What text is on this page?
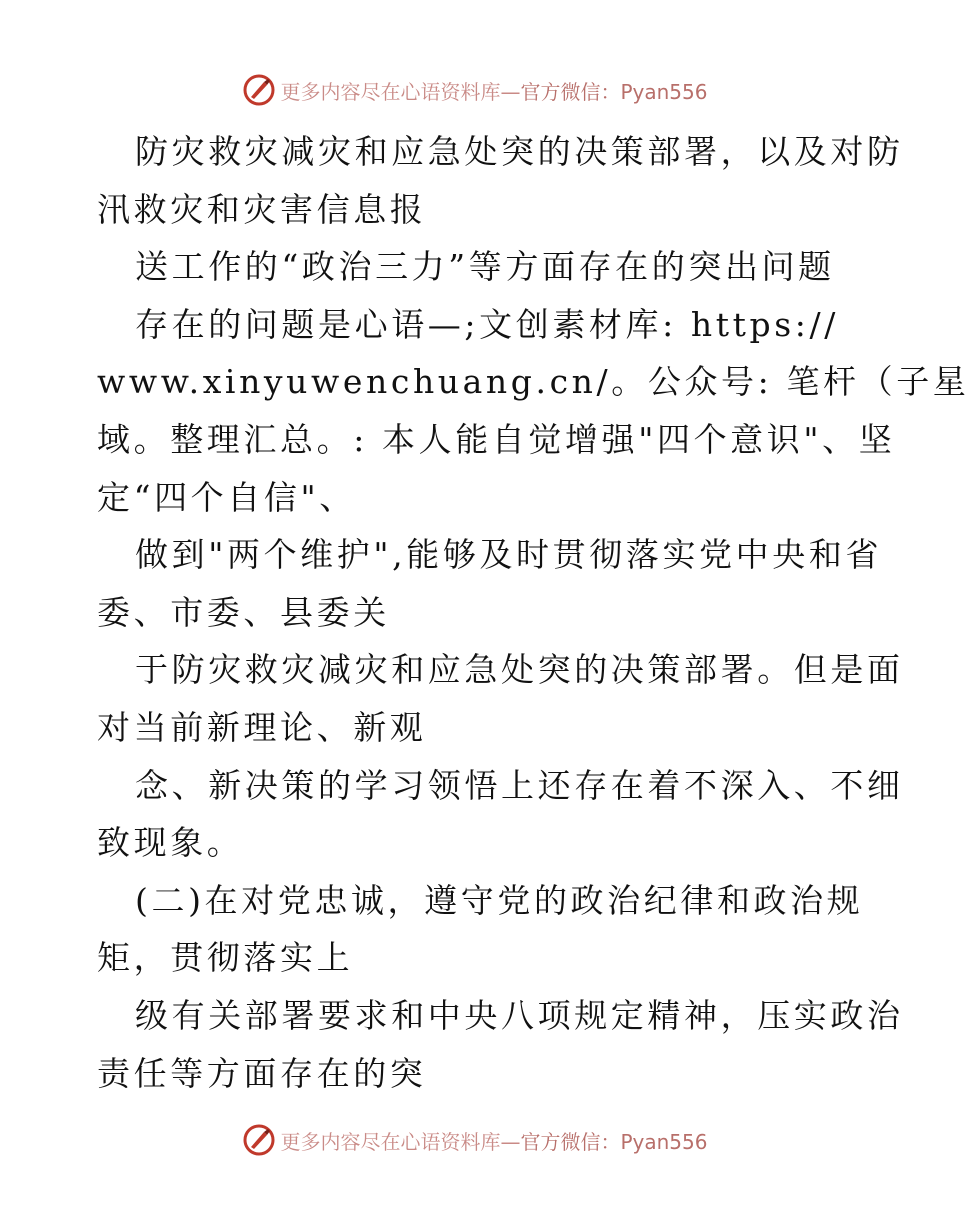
更多内容尽在心语资料库—官方微信：Pyan556
防灾救灾减灾和应急处突的决策部署，以及对防
汛救灾和灾害信息报
送工作的“政治三力”等方面存在的突出问题
存在的问题是心语—;文创素材库: https://
www.xinyuwenchuang.cn/。公众号: 笔杆（子星
域。整理汇总。: 本人能自觉增强"四个意识"、坚
定“四个自信"、
做到"两个维护",能够及时贯彻落实党中央和省
委、市委、县委关
于防灾救灾减灾和应急处突的决策部署。但是面
对当前新理论、新观
念、新决策的学习领悟上还存在着不深入、不细
致现象。
(二)在对党忠诚，遵守党的政治纪律和政治规
矩，贯彻落实上
级有关部署要求和中央八项规定精神，压实政治
责任等方面存在的突
更多内容尽在心语资料库—官方微信：Pyan556
